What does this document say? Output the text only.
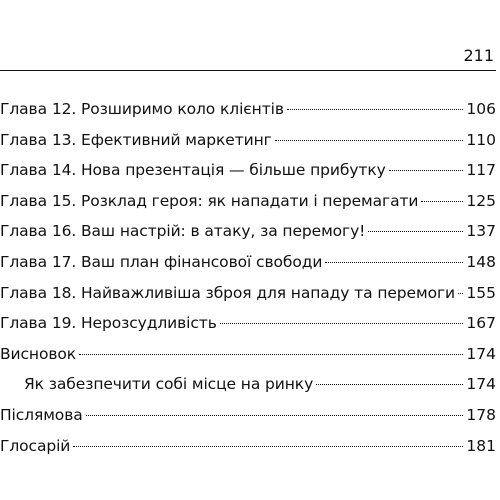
211
Глава 12. Розширимо коло клієнтів	106
Глава 13. Ефективний маркетинг	110
Глава 14. Нова презентація — більше прибутку	117
Глава 15. Розклад героя: як нападати і перемагати	125
Глава 16. Ваш настрій: в атаку, за перемогу!	137
Глава 17. Ваш план фінансової свободи	148
Глава 18. Найважливіша зброя для нападу та перемоги 155
Глава 19. Нерозсудливість	167
Висновок	174
Як забезпечити собі місце на ринку	174
Післямова	178
Глосарій	181
